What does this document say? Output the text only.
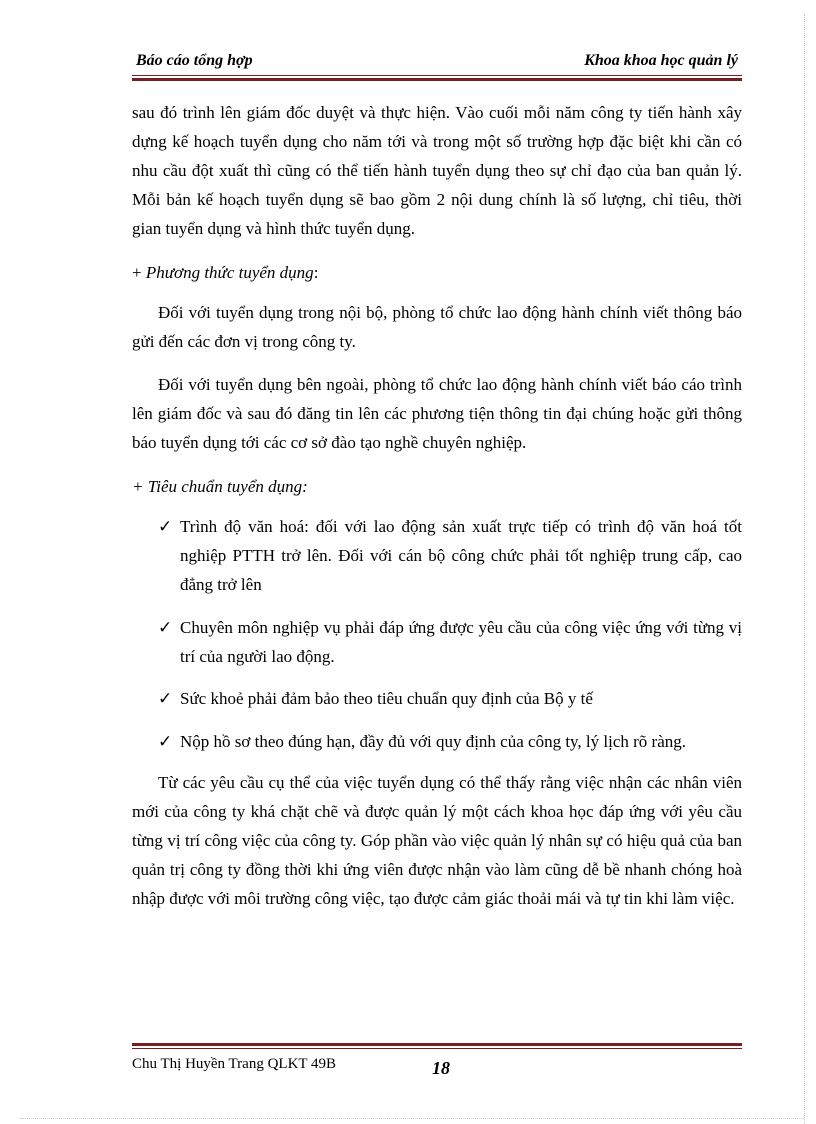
Báo cáo tổng hợp	Khoa khoa học quản lý

sau đó trình lên giám đốc duyệt và thực hiện. Vào cuối mỗi năm công ty tiến hành xây dựng kế hoạch tuyển dụng cho năm tới và trong một số trường hợp đặc biệt khi cần có nhu cầu đột xuất thì cũng có thể tiến hành tuyển dụng theo sự chỉ đạo của ban quản lý. Mỗi bản kế hoạch tuyển dụng sẽ bao gồm 2 nội dung chính là số lượng, chỉ tiêu, thời gian tuyển dụng và hình thức tuyển dụng.

+ Phương thức tuyển dụng:

Đối với tuyển dụng trong nội bộ, phòng tổ chức lao động hành chính viết thông báo gửi đến các đơn vị trong công ty.

Đối với tuyển dụng bên ngoài, phòng tổ chức lao động hành chính viết báo cáo trình lên giám đốc và sau đó đăng tin lên các phương tiện thông tin đại chúng hoặc gửi thông báo tuyển dụng tới các cơ sở đào tạo nghề chuyên nghiệp.

+ Tiêu chuẩn tuyển dụng:

✓ Trình độ văn hoá: đối với lao động sản xuất trực tiếp có trình độ văn hoá tốt nghiệp PTTH trở lên. Đối với cán bộ công chức phải tốt nghiệp trung cấp, cao đẳng trở lên
✓ Chuyên môn nghiệp vụ phải đáp ứng được yêu cầu của công việc ứng với từng vị trí của người lao động.
✓ Sức khoẻ phải đảm bảo theo tiêu chuẩn quy định của Bộ y tế
✓ Nộp hồ sơ theo đúng hạn, đầy đủ với quy định của công ty, lý lịch rõ ràng.

Từ các yêu cầu cụ thể của việc tuyển dụng có thể thấy rằng việc nhận các nhân viên mới của công ty khá chặt chẽ và được quản lý một cách khoa học đáp ứng với yêu cầu từng vị trí công việc của công ty. Góp phần vào việc quản lý nhân sự có hiệu quả của ban quản trị công ty đồng thời khi ứng viên được nhận vào làm cũng dễ bề nhanh chóng hoà nhập được với môi trường công việc, tạo được cảm giác thoải mái và tự tin khi làm việc.

Chu Thị Huyền Trang QLKT 49B	18
